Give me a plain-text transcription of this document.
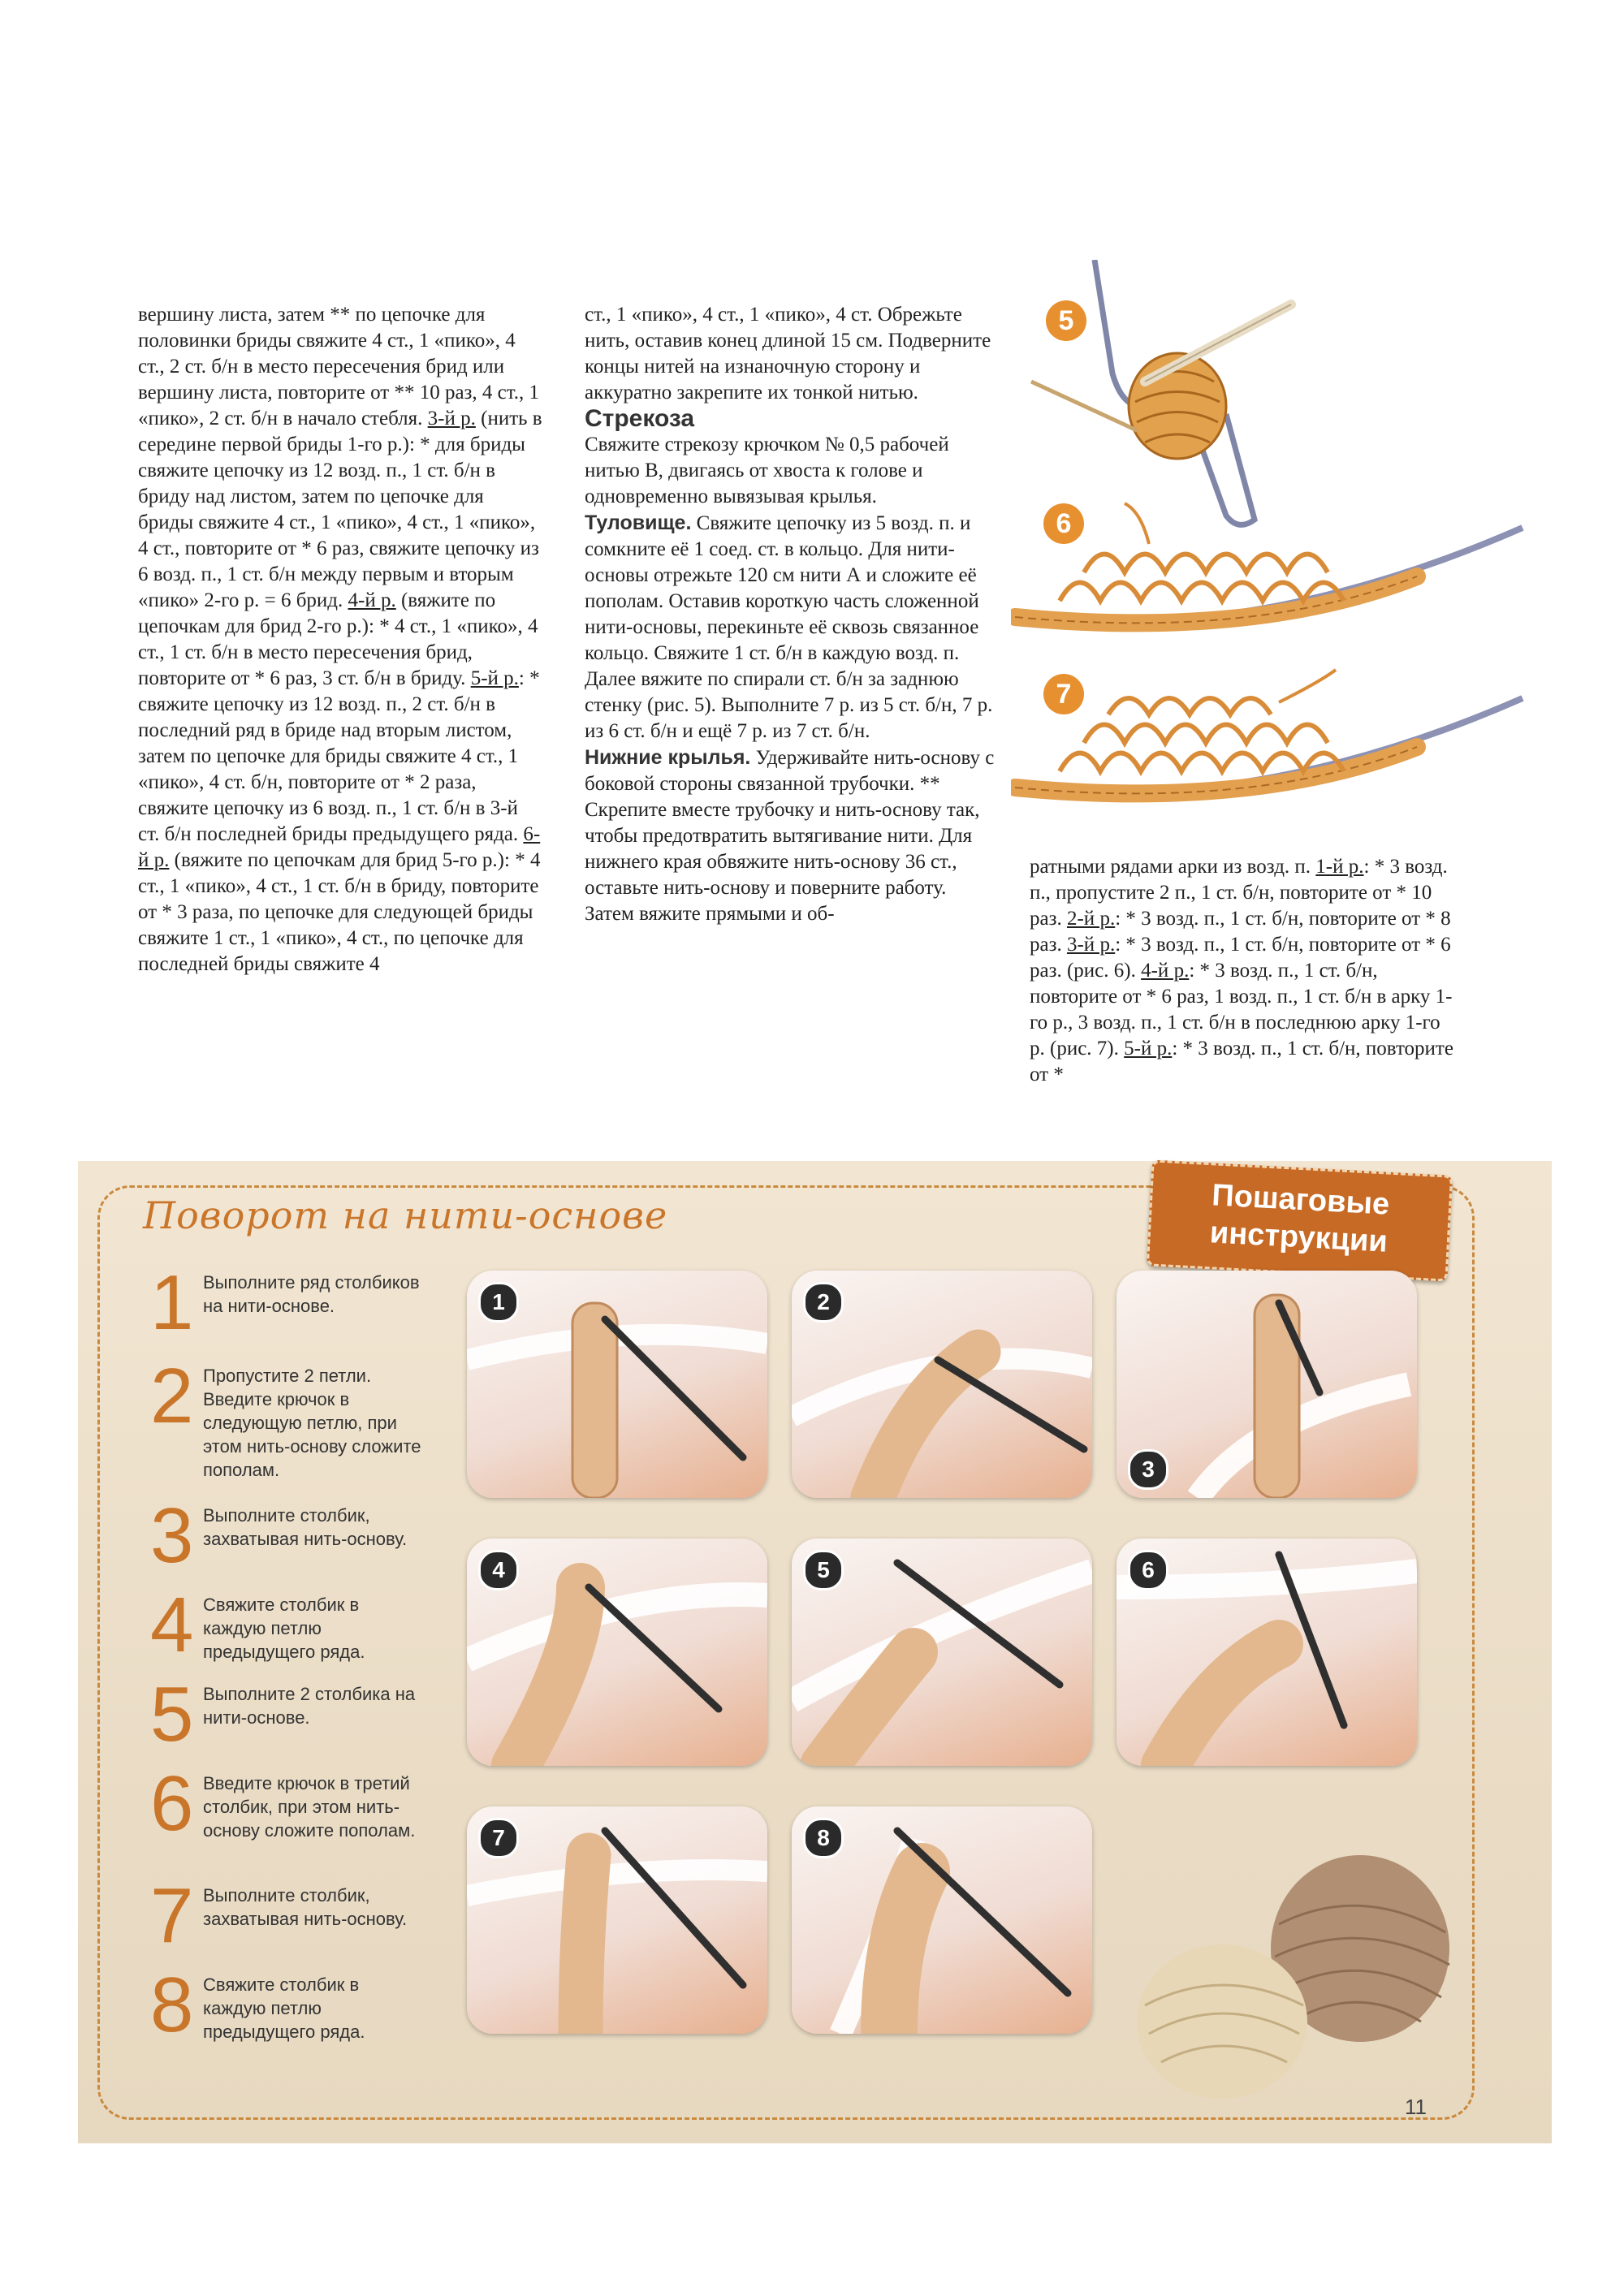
вершину листа, затем ** по цепочке для половинки бриды свяжите 4 ст., 1 «пико», 4 ст., 2 ст. б/н в место пересечения брид или вершину листа, повторите от ** 10 раз, 4 ст., 1 «пико», 2 ст. б/н в начало стебля. 3-й р. (нить в середине первой бриды 1-го р.): * для бриды свяжите цепочку из 12 возд. п., 1 ст. б/н в бриду над листом, затем по цепочке для бриды свяжите 4 ст., 1 «пико», 4 ст., 1 «пико», 4 ст., повторите от * 6 раз, свяжите цепочку из 6 возд. п., 1 ст. б/н между первым и вторым «пико» 2-го р. = 6 брид. 4-й р. (вяжите по цепочкам для брид 2-го р.): * 4 ст., 1 «пико», 4 ст., 1 ст. б/н в место пересечения брид, повторите от * 6 раз, 3 ст. б/н в бриду. 5-й р.: * свяжите цепочку из 12 возд. п., 2 ст. б/н в последний ряд в бриде над вторым листом, затем по цепочке для бриды свяжите 4 ст., 1 «пико», 4 ст. б/н, повторите от * 2 раза, свяжите цепочку из 6 возд. п., 1 ст. б/н в 3-й ст. б/н последней бриды предыдущего ряда. 6-й р. (вяжите по цепочкам для брид 5-го р.): * 4 ст., 1 «пико», 4 ст., 1 ст. б/н в бриду, повторите от * 3 раза, по цепочке для следующей бриды свяжите 1 ст., 1 «пико», 4 ст., по цепочке для последней бриды свяжите 4

ст., 1 «пико», 4 ст., 1 «пико», 4 ст. Обрежьте нить, оставив конец длиной 15 см. Подверните концы нитей на изнаночную сторону и аккуратно закрепите их тонкой нитью.

Стрекоза

Свяжите стрекозу крючком № 0,5 рабочей нитью В, двигаясь от хвоста к голове и одновременно вывязывая крылья.

Туловище. Свяжите цепочку из 5 возд. п. и сомкните её 1 соед. ст. в кольцо. Для нити-основы отрежьте 120 см нити А и сложите её пополам. Оставив короткую часть сложенной нити-основы, перекиньте её сквозь связанное кольцо. Свяжите 1 ст. б/н в каждую возд. п. Далее вяжите по спирали ст. б/н за заднюю стенку (рис. 5). Выполните 7 р. из 5 ст. б/н, 7 р. из 6 ст. б/н и ещё 7 р. из 7 ст. б/н.

Нижние крылья. Удерживайте нить-основу с боковой стороны связанной трубочки. ** Скрепите вместе трубочку и нить-основу так, чтобы предотвратить вытягивание нити. Для нижнего края обвяжите нить-основу 36 ст., оставьте нить-основу и поверните работу. Затем вяжите прямыми и об-

ратными рядами арки из возд. п. 1-й р.: * 3 возд. п., пропустите 2 п., 1 ст. б/н, повторите от * 10 раз. 2-й р.: * 3 возд. п., 1 ст. б/н, повторите от * 8 раз. 3-й р.: * 3 возд. п., 1 ст. б/н, повторите от * 6 раз. (рис. 6). 4-й р.: * 3 возд. п., 1 ст. б/н, повторите от * 6 раз, 1 возд. п., 1 ст. б/н в арку 1-го р., 3 возд. п., 1 ст. б/н в последнюю арку 1-го р. (рис. 7). 5-й р.: * 3 возд. п., 1 ст. б/н, повторите от *

5
6
7
Поворот на нити-основе	Пошаговые
инструкции
1 Выполните ряд столбиков на нити-основе.
2 Пропустите 2 петли. Введите крючок в следующую петлю, при этом нить-основу сложите пополам.
3 Выполните столбик, захватывая нить-основу.
4 Свяжите столбик в каждую петлю предыдущего ряда.
5 Выполните 2 столбика на нити-основе.
6 Введите крючок в третий столбик, при этом нить-основу сложите пополам.
7 Выполните столбик, захватывая нить-основу.
8 Свяжите столбик в каждую петлю предыдущего ряда.
1	2
3
4	5	6
7	8
11
